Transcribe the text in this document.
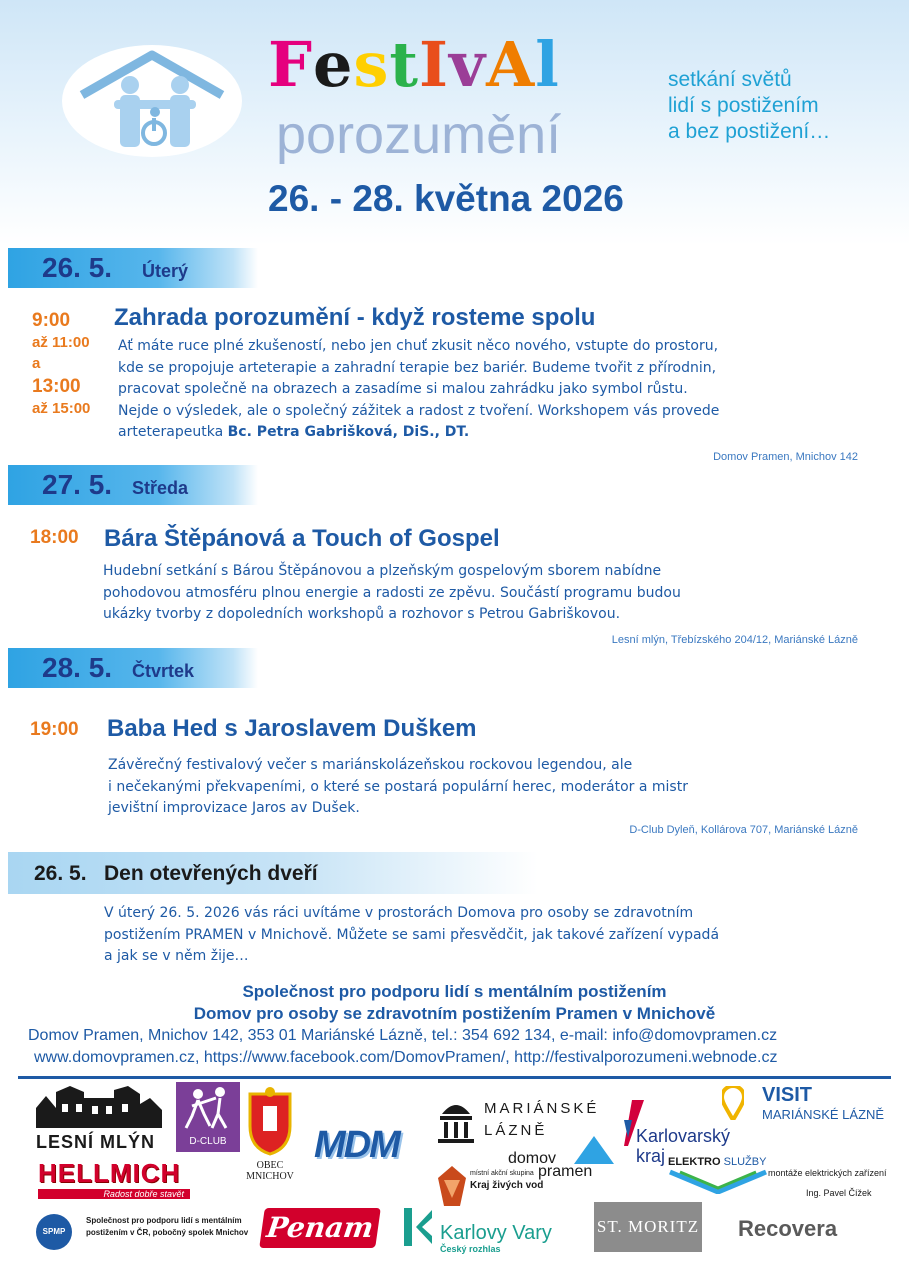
FestIvAl
porozumění
setkání světů
lidí s postižením
a bez postižení…
26. - 28. května 2026
26. 5. Úterý
9:00
až 11:00
a
13:00
až 15:00
Zahrada porozumění - když rosteme spolu
Ať máte ruce plné zkušeností, nebo jen chuť zkusit něco nového, vstupte do prostoru,
kde se propojuje arteterapie a zahradní terapie bez bariér. Budeme tvořit z přírodnin,
pracovat společně na obrazech a zasadíme si malou zahrádku jako symbol růstu.
Nejde o výsledek, ale o společný zážitek a radost z tvoření. Workshopem vás provede
arteterapeutka Bc. Petra Gabrišková, DiS., DT.
Domov Pramen, Mnichov 142
27. 5. Středa
18:00 Bára Štěpánová a Touch of Gospel
Hudební setkání s Bárou Štěpánovou a plzeňským gospelovým sborem nabídne
pohodovou atmosféru plnou energie a radosti ze zpěvu. Součástí programu budou
ukázky tvorby z dopoledních workshopů a rozhovor s Petrou Gabriškovou.
Lesní mlýn, Třebízského 204/12, Mariánské Lázně
28. 5. Čtvrtek
19:00 Baba Hed s Jaroslavem Duškem
Závěrečný festivalový večer s mariánskolázeňskou rockovou legendou, ale
i nečekanými překvapeními, o které se postará populární herec, moderátor a mistr
jevištní improvizace Jaros av Dušek.
D-Club Dyleň, Kollárova 707, Mariánské Lázně
26. 5. Den otevřených dveří
V úterý 26. 5. 2026 vás ráci uvítáme v prostorách Domova pro osoby se zdravotním
postižením PRAMEN v Mnichově. Můžete se sami přesvědčit, jak takové zařízení vypadá
a jak se v něm žije…
Společnost pro podporu lidí s mentálním postižením
Domov pro osoby se zdravotním postižením Pramen v Mnichově
Domov Pramen, Mnichov 142, 353 01 Mariánské Lázně, tel.: 354 692 134, e-mail: info@domovpramen.cz
www.domovpramen.cz, https://www.facebook.com/DomovPramen/, http://festivalporozumeni.webnode.cz
LESNÍ MLÝN	D-CLUB
OBEC
MNICHOV
MDM
MARIÁNSKÉ
LÁZNĚ
domov
pramen
Karlovarský
kraj
VISIT
MARIÁNSKÉ LÁZNĚ
HELLMICH
Radost dobře stavět
místní akční skupina
Kraj živých vod
ELEKTRO SLUŽBY
montáže elektrických zařízení
Ing. Pavel Čížek
SPMP
Společnost pro podporu lidí s mentálním
postižením v ČR, pobočný spolek Mnichov Penam	Karlovy Vary
Český rozhlas
ST. MORITZ Recovera
